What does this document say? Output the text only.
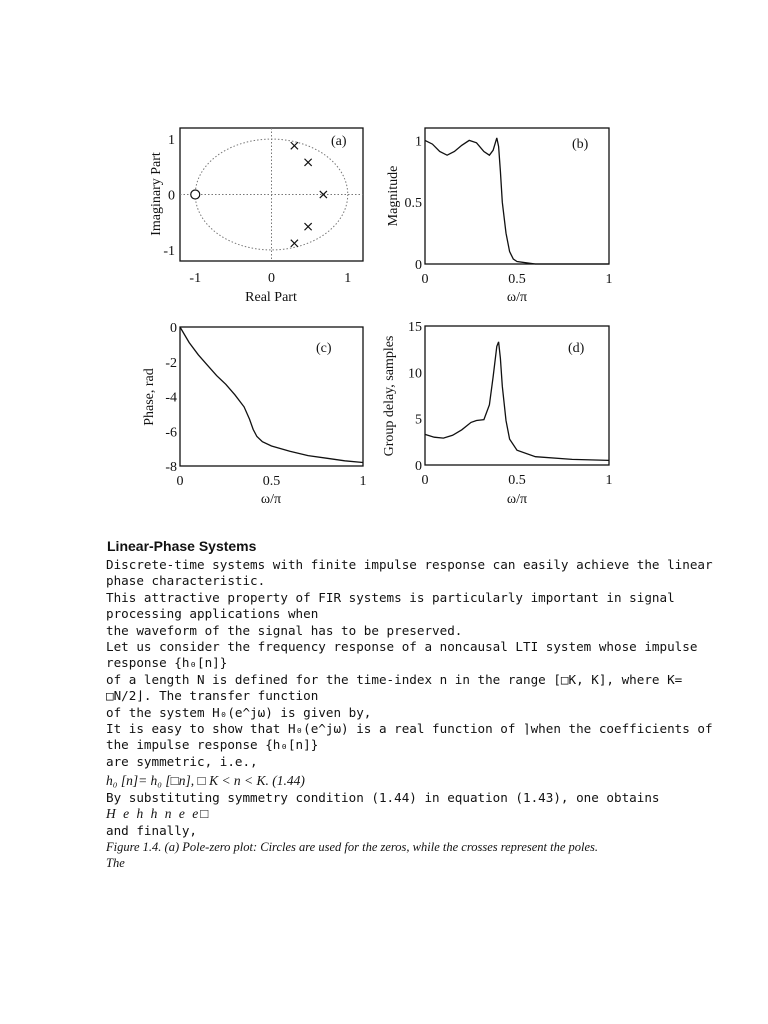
(a)
Real Part
Imaginary Part
(b)
ω/π
Magnitude
(c)
ω/π
Phase, rad
(d)
ω/π
Group delay, samples
-1	0	1
1
0
-1
0	0.5	1
1
0.5
0
0	0.5	1
0
-2
-4
-6
-8
0	0.5	1
15
10
5
0
Linear-Phase Systems
Discrete-time systems with finite impulse response can easily achieve the linear
phase characteristic.
This attractive property of FIR systems is particularly important in signal
processing applications when
the waveform of the signal has to be preserved.
Let us consider the frequency response of a noncausal LTI system whose impulse
response {h₀[n]}
of a length N is defined for the time-index n in the range [□K, K], where K=
□N/2⌋. The transfer function
of the system H₀(e^jω) is given by,
It is easy to show that H₀(e^jω) is a real function of ⌉when the coefficients of
the impulse response {h₀[n]}
are symmetric, i.e.,
h₀ [n]= h₀ [□n], □ K < n < K. (1.44)
By substituting symmetry condition (1.44) in equation (1.43), one obtains
H e h h n e e□
and finally,
Figure 1.4. (a) Pole-zero plot: Circles are used for the zeros, while the crosses represent the poles.
The
